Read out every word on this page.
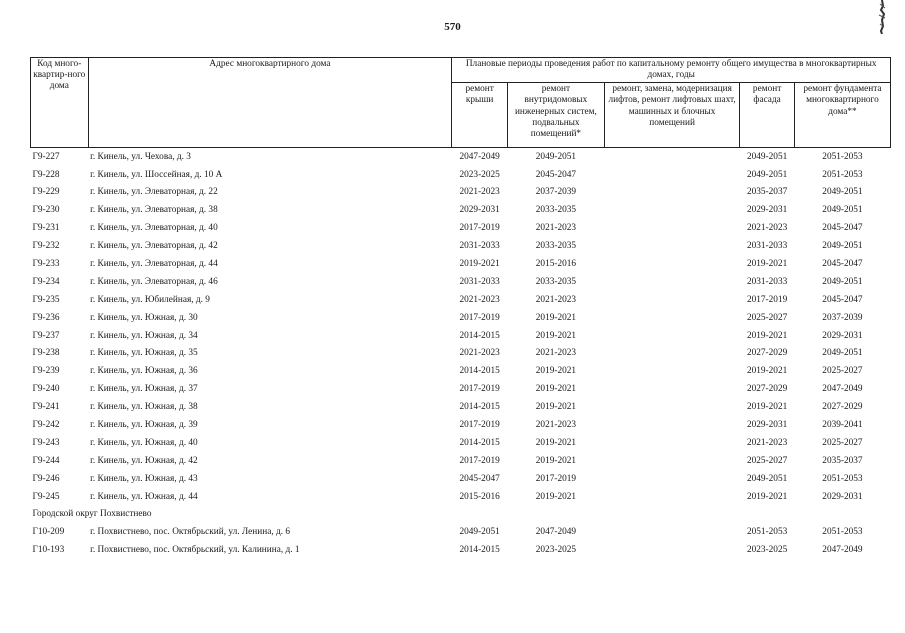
570
Код много-квартир-ного дома	Адрес многоквартирного дома	Плановые периоды проведения работ по капитальному ремонту общего имущества в многоквартирных домах, годы				
		ремонт крыши	ремонт внутридомовых инженерных систем, подвальных помещений*	ремонт, замена, модернизация лифтов, ремонт лифтовых шахт, машинных и блочных помещений	ремонт фасада	ремонт фундамента многоквартирного дома**
Г9-227	г. Кинель, ул. Чехова, д. 3	2047-2049	2049-2051		2049-2051	2051-2053
Г9-228	г. Кинель, ул. Шоссейная, д. 10 А	2023-2025	2045-2047		2049-2051	2051-2053
Г9-229	г. Кинель, ул. Элеваторная, д. 22	2021-2023	2037-2039		2035-2037	2049-2051
Г9-230	г. Кинель, ул. Элеваторная, д. 38	2029-2031	2033-2035		2029-2031	2049-2051
Г9-231	г. Кинель, ул. Элеваторная, д. 40	2017-2019	2021-2023		2021-2023	2045-2047
Г9-232	г. Кинель, ул. Элеваторная, д. 42	2031-2033	2033-2035		2031-2033	2049-2051
Г9-233	г. Кинель, ул. Элеваторная, д. 44	2019-2021	2015-2016		2019-2021	2045-2047
Г9-234	г. Кинель, ул. Элеваторная, д. 46	2031-2033	2033-2035		2031-2033	2049-2051
Г9-235	г. Кинель, ул. Юбилейная, д. 9	2021-2023	2021-2023		2017-2019	2045-2047
Г9-236	г. Кинель, ул. Южная, д. 30	2017-2019	2019-2021		2025-2027	2037-2039
Г9-237	г. Кинель, ул. Южная, д. 34	2014-2015	2019-2021		2019-2021	2029-2031
Г9-238	г. Кинель, ул. Южная, д. 35	2021-2023	2021-2023		2027-2029	2049-2051
Г9-239	г. Кинель, ул. Южная, д. 36	2014-2015	2019-2021		2019-2021	2025-2027
Г9-240	г. Кинель, ул. Южная, д. 37	2017-2019	2019-2021		2027-2029	2047-2049
Г9-241	г. Кинель, ул. Южная, д. 38	2014-2015	2019-2021		2019-2021	2027-2029
Г9-242	г. Кинель, ул. Южная, д. 39	2017-2019	2021-2023		2029-2031	2039-2041
Г9-243	г. Кинель, ул. Южная, д. 40	2014-2015	2019-2021		2021-2023	2025-2027
Г9-244	г. Кинель, ул. Южная, д. 42	2017-2019	2019-2021		2025-2027	2035-2037
Г9-246	г. Кинель, ул. Южная, д. 43	2045-2047	2017-2019		2049-2051	2051-2053
Г9-245	г. Кинель, ул. Южная, д. 44	2015-2016	2019-2021		2019-2021	2029-2031
Городской округ Похвистнево						
Г10-209	г. Похвистнево, пос. Октябрьский, ул. Ленина, д. 6	2049-2051	2047-2049		2051-2053	2051-2053
Г10-193	г. Похвистнево, пос. Октябрьский, ул. Калинина, д. 1	2014-2015	2023-2025		2023-2025	2047-2049
